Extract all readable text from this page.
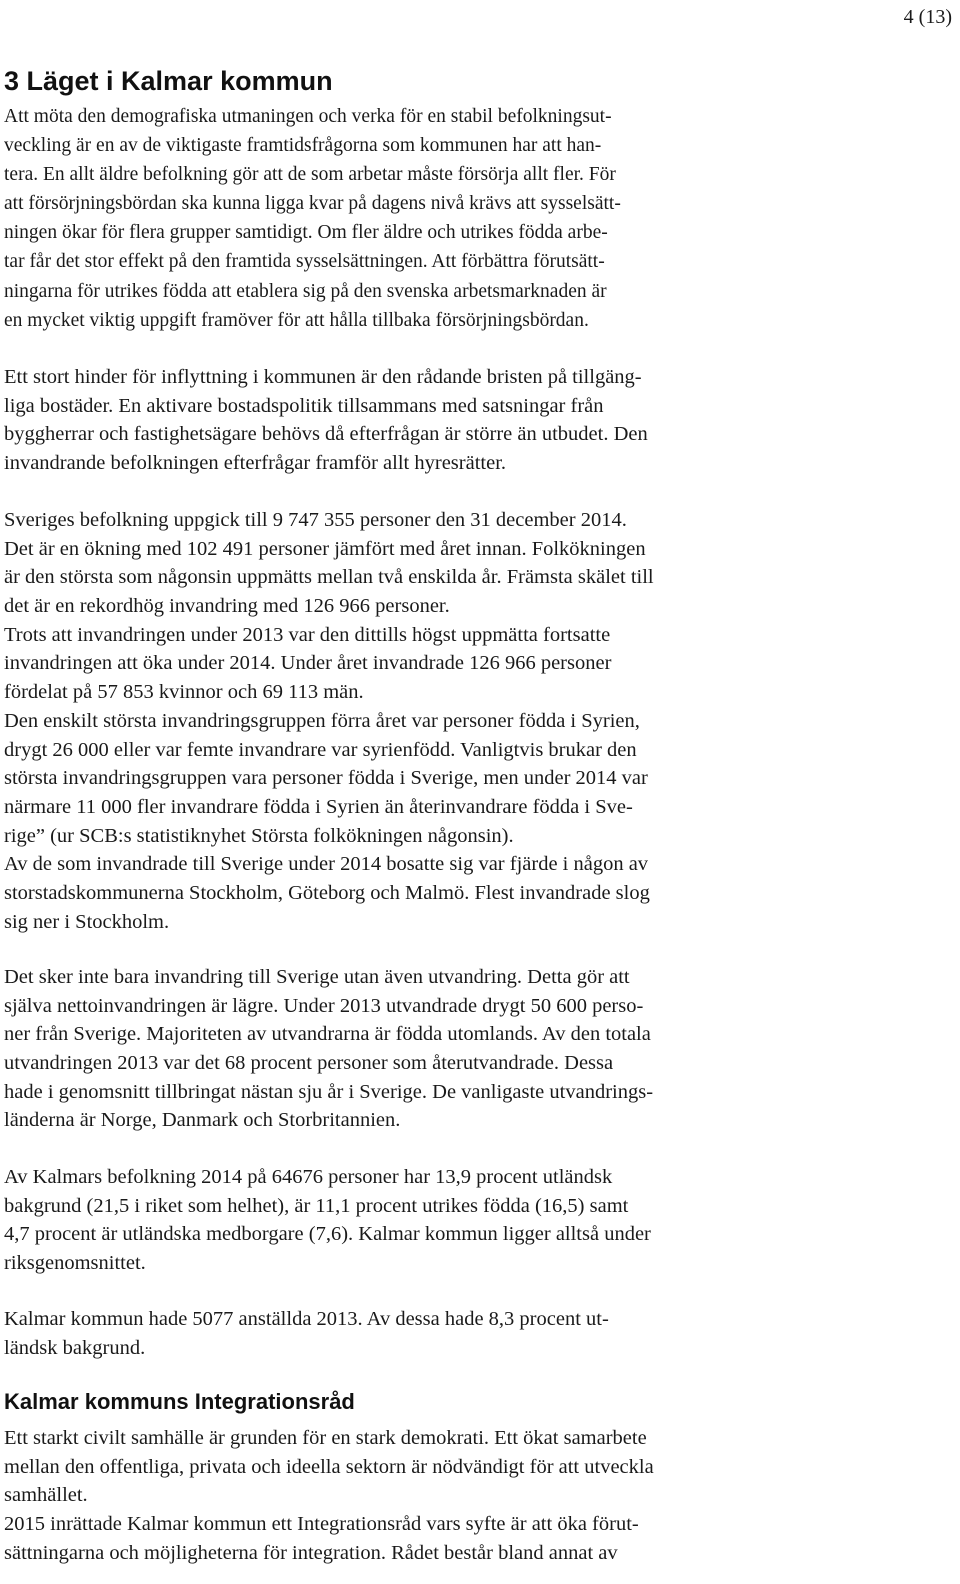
4 (13)
3 Läget i Kalmar kommun
Att möta den demografiska utmaningen och verka för en stabil befolkningsut-
veckling är en av de viktigaste framtidsfrågorna som kommunen har att han-
tera. En allt äldre befolkning gör att de som arbetar måste försörja allt fler. För
att försörjningsbördan ska kunna ligga kvar på dagens nivå krävs att sysselsätt-
ningen ökar för flera grupper samtidigt. Om fler äldre och utrikes födda arbe-
tar får det stor effekt på den framtida sysselsättningen. Att förbättra förutsätt-
ningarna för utrikes födda att etablera sig på den svenska arbetsmarknaden är
en mycket viktig uppgift framöver för att hålla tillbaka försörjningsbördan.
Ett stort hinder för inflyttning i kommunen är den rådande bristen på tillgäng-
liga bostäder. En aktivare bostadspolitik tillsammans med satsningar från
byggherrar och fastighetsägare behövs då efterfrågan är större än utbudet. Den
invandrande befolkningen efterfrågar framför allt hyresrätter.
Sveriges befolkning uppgick till 9 747 355 personer den 31 december 2014.
Det är en ökning med 102 491 personer jämfört med året innan. Folkökningen
är den största som någonsin uppmätts mellan två enskilda år. Främsta skälet till
det är en rekordhög invandring med 126 966 personer.
Trots att invandringen under 2013 var den dittills högst uppmätta fortsatte
invandringen att öka under 2014. Under året invandrade 126 966 personer
fördelat på 57 853 kvinnor och 69 113 män.
Den enskilt största invandringsgruppen förra året var personer födda i Syrien,
drygt 26 000 eller var femte invandrare var syrienfödd. Vanligtvis brukar den
största invandringsgruppen vara personer födda i Sverige, men under 2014 var
närmare 11 000 fler invandrare födda i Syrien än återinvandrare födda i Sve-
rige” (ur SCB:s statistiknyhet Största folkökningen någonsin).
Av de som invandrade till Sverige under 2014 bosatte sig var fjärde i någon av
storstadskommunerna Stockholm, Göteborg och Malmö. Flest invandrade slog
sig ner i Stockholm.
Det sker inte bara invandring till Sverige utan även utvandring. Detta gör att
själva nettoinvandringen är lägre. Under 2013 utvandrade drygt 50 600 perso-
ner från Sverige. Majoriteten av utvandrarna är födda utomlands. Av den totala
utvandringen 2013 var det 68 procent personer som återutvandrade. Dessa
hade i genomsnitt tillbringat nästan sju år i Sverige. De vanligaste utvandrings-
länderna är Norge, Danmark och Storbritannien.
Av Kalmars befolkning 2014 på 64676 personer har 13,9 procent utländsk
bakgrund (21,5 i riket som helhet), är 11,1 procent utrikes födda (16,5) samt
4,7 procent är utländska medborgare (7,6). Kalmar kommun ligger alltså under
riksgenomsnittet.
Kalmar kommun hade 5077 anställda 2013. Av dessa hade 8,3 procent ut-
ländsk bakgrund.
Kalmar kommuns Integrationsråd
Ett starkt civilt samhälle är grunden för en stark demokrati. Ett ökat samarbete
mellan den offentliga, privata och ideella sektorn är nödvändigt för att utveckla
samhället.
2015 inrättade Kalmar kommun ett Integrationsråd vars syfte är att öka förut-
sättningarna och möjligheterna för integration. Rådet består bland annat av
